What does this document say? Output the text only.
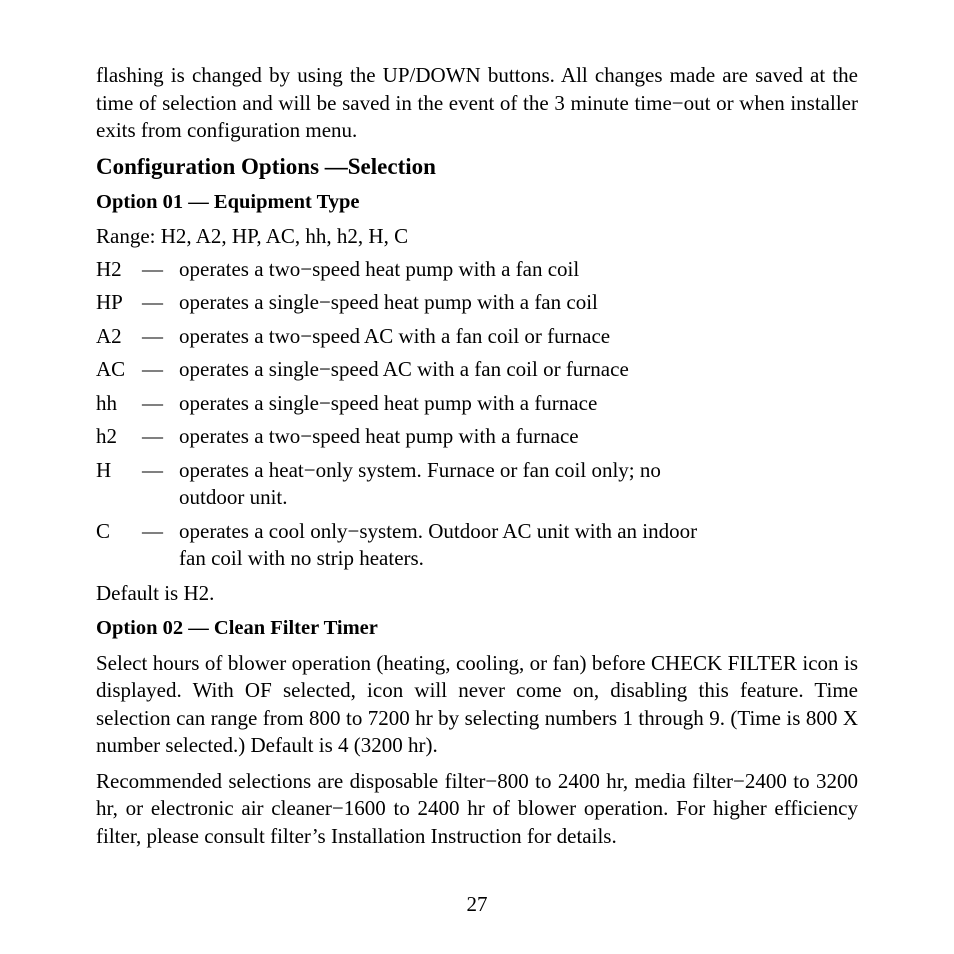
flashing is changed by using the UP/DOWN buttons. All changes made are saved at the time of selection and will be saved in the event of the 3 minute time−out or when installer exits from configuration menu.

Configuration Options —Selection
Option 01 — Equipment Type
Range: H2, A2, HP, AC, hh, h2, H, C
H2 — operates a two−speed heat pump with a fan coil
HP — operates a single−speed heat pump with a fan coil
A2 — operates a two−speed AC with a fan coil or furnace
AC — operates a single−speed AC with a fan coil or furnace
hh	— operates a single−speed heat pump with a furnace
h2	— operates a two−speed heat pump with a furnace
H	— operates a heat−only system. Furnace or fan coil only; no outdoor unit.
C	— operates a cool only−system. Outdoor AC unit with an indoor fan coil with no strip heaters.
Default is H2.
Option 02 — Clean Filter Timer

Select hours of blower operation (heating, cooling, or fan) before CHECK FILTER icon is displayed. With OF selected, icon will never come on, disabling this feature. Time selection can range from 800 to 7200 hr by selecting numbers 1 through 9. (Time is 800 X number selected.) Default is 4 (3200 hr).

Recommended selections are disposable filter−800 to 2400 hr, media filter−2400 to 3200 hr, or electronic air cleaner−1600 to 2400 hr of blower operation. For higher efficiency filter, please consult filter’s Installation Instruction for details.

27
